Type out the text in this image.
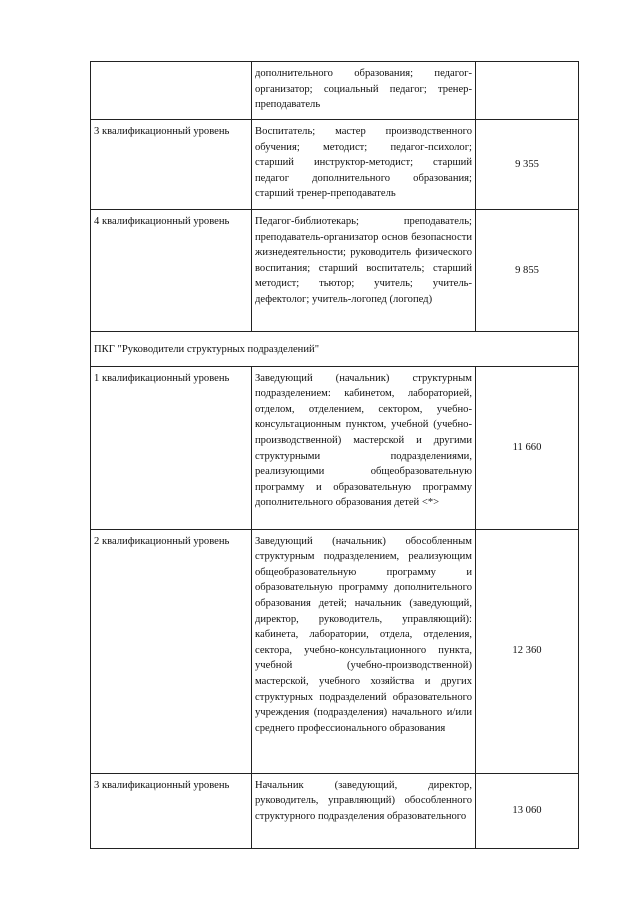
	дополнительного образования; педагог-организатор; социальный педагог; тренер-преподаватель	
3 квалификационный уровень	Воспитатель; мастер производственного обучения; методист; педагог-психолог; старший инструктор-методист; старший педагог дополнительного образования; старший тренер-преподаватель	9 355
4 квалификационный уровень	Педагог-библиотекарь; преподаватель; преподаватель-организатор основ безопасности жизнедеятельности; руководитель физического воспитания; старший воспитатель; старший методист; тьютор; учитель; учитель-дефектолог; учитель-логопед (логопед)	9 855
ПКГ "Руководители структурных подразделений"		
1 квалификационный уровень	Заведующий (начальник) структурным подразделением: кабинетом, лабораторией, отделом, отделением, сектором, учебно-консультационным пунктом, учебной (учебно-производственной) мастерской и другими структурными подразделениями, реализующими общеобразовательную программу и образовательную программу дополнительного образования детей <*>	11 660
2 квалификационный уровень	Заведующий (начальник) обособленным структурным подразделением, реализующим общеобразовательную программу и образовательную программу дополнительного образования детей; начальник (заведующий, директор, руководитель, управляющий): кабинета, лаборатории, отдела, отделения, сектора, учебно-консультационного пункта, учебной (учебно-производственной) мастерской, учебного хозяйства и других структурных подразделений образовательного учреждения (подразделения) начального и/или среднего профессионального образования	12 360
3 квалификационный уровень	Начальник (заведующий, директор, руководитель, управляющий) обособленного структурного подразделения образовательного	13 060
